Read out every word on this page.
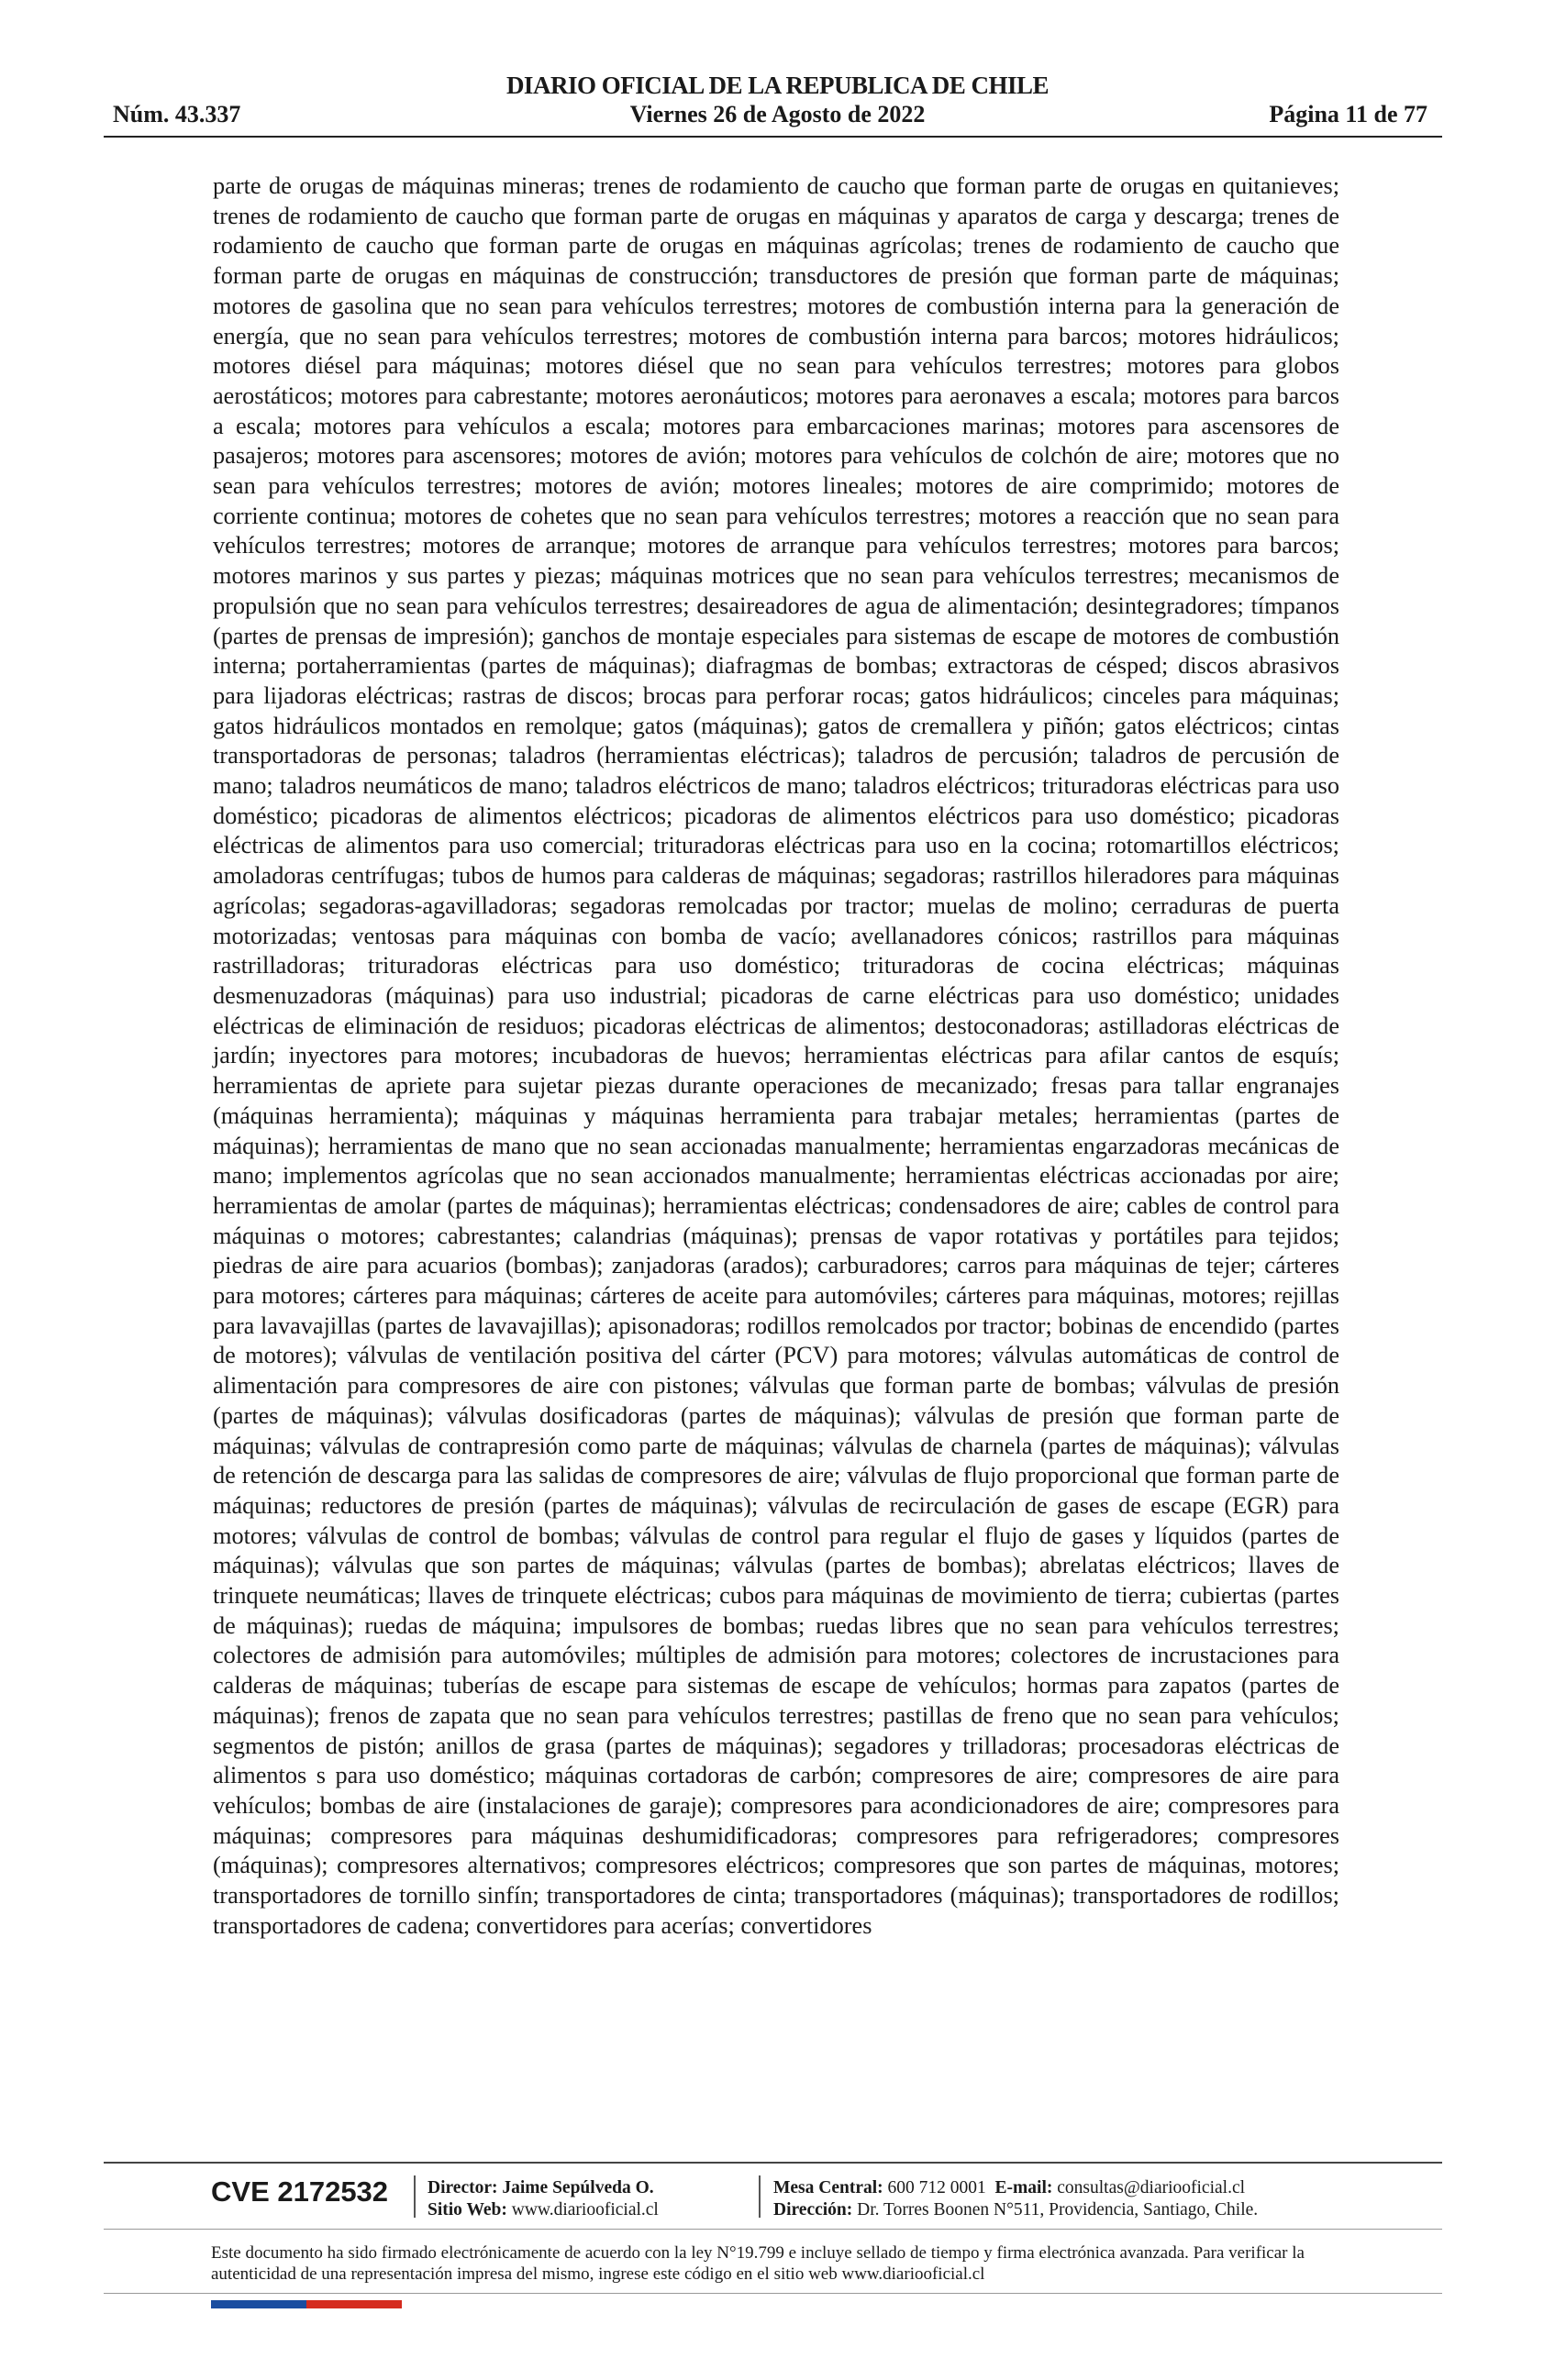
DIARIO OFICIAL DE LA REPUBLICA DE CHILE
Núm. 43.337	Viernes 26 de Agosto de 2022	Página 11 de 77
parte de orugas de máquinas mineras; trenes de rodamiento de caucho que forman parte de orugas en quitanieves; trenes de rodamiento de caucho que forman parte de orugas en máquinas y aparatos de carga y descarga; trenes de rodamiento de caucho que forman parte de orugas en máquinas agrícolas; trenes de rodamiento de caucho que forman parte de orugas en máquinas de construcción; transductores de presión que forman parte de máquinas; motores de gasolina que no sean para vehículos terrestres; motores de combustión interna para la generación de energía, que no sean para vehículos terrestres; motores de combustión interna para barcos; motores hidráulicos; motores diésel para máquinas; motores diésel que no sean para vehículos terrestres; motores para globos aerostáticos; motores para cabrestante; motores aeronáuticos; motores para aeronaves a escala; motores para barcos a escala; motores para vehículos a escala; motores para embarcaciones marinas; motores para ascensores de pasajeros; motores para ascensores; motores de avión; motores para vehículos de colchón de aire; motores que no sean para vehículos terrestres; motores de avión; motores lineales; motores de aire comprimido; motores de corriente continua; motores de cohetes que no sean para vehículos terrestres; motores a reacción que no sean para vehículos terrestres; motores de arranque; motores de arranque para vehículos terrestres; motores para barcos; motores marinos y sus partes y piezas; máquinas motrices que no sean para vehículos terrestres; mecanismos de propulsión que no sean para vehículos terrestres; desaireadores de agua de alimentación; desintegradores; tímpanos (partes de prensas de impresión); ganchos de montaje especiales para sistemas de escape de motores de combustión interna; portaherramientas (partes de máquinas); diafragmas de bombas; extractoras de césped; discos abrasivos para lijadoras eléctricas; rastras de discos; brocas para perforar rocas; gatos hidráulicos; cinceles para máquinas; gatos hidráulicos montados en remolque; gatos (máquinas); gatos de cremallera y piñón; gatos eléctricos; cintas transportadoras de personas; taladros (herramientas eléctricas); taladros de percusión; taladros de percusión de mano; taladros neumáticos de mano; taladros eléctricos de mano; taladros eléctricos; trituradoras eléctricas para uso doméstico; picadoras de alimentos eléctricos; picadoras de alimentos eléctricos para uso doméstico; picadoras eléctricas de alimentos para uso comercial; trituradoras eléctricas para uso en la cocina; rotomartillos eléctricos; amoladoras centrífugas; tubos de humos para calderas de máquinas; segadoras; rastrillos hileradores para máquinas agrícolas; segadoras-agavilladoras; segadoras remolcadas por tractor; muelas de molino; cerraduras de puerta motorizadas; ventosas para máquinas con bomba de vacío; avellanadores cónicos; rastrillos para máquinas rastrilladoras; trituradoras eléctricas para uso doméstico; trituradoras de cocina eléctricas; máquinas desmenuzadoras (máquinas) para uso industrial; picadoras de carne eléctricas para uso doméstico; unidades eléctricas de eliminación de residuos; picadoras eléctricas de alimentos; destoconadoras; astilladoras eléctricas de jardín; inyectores para motores; incubadoras de huevos; herramientas eléctricas para afilar cantos de esquís; herramientas de apriete para sujetar piezas durante operaciones de mecanizado; fresas para tallar engranajes (máquinas herramienta); máquinas y máquinas herramienta para trabajar metales; herramientas (partes de máquinas); herramientas de mano que no sean accionadas manualmente; herramientas engarzadoras mecánicas de mano; implementos agrícolas que no sean accionados manualmente; herramientas eléctricas accionadas por aire; herramientas de amolar (partes de máquinas); herramientas eléctricas; condensadores de aire; cables de control para máquinas o motores; cabrestantes; calandrias (máquinas); prensas de vapor rotativas y portátiles para tejidos; piedras de aire para acuarios (bombas); zanjadoras (arados); carburadores; carros para máquinas de tejer; cárteres para motores; cárteres para máquinas; cárteres de aceite para automóviles; cárteres para máquinas, motores; rejillas para lavavajillas (partes de lavavajillas); apisonadoras; rodillos remolcados por tractor; bobinas de encendido (partes de motores); válvulas de ventilación positiva del cárter (PCV) para motores; válvulas automáticas de control de alimentación para compresores de aire con pistones; válvulas que forman parte de bombas; válvulas de presión (partes de máquinas); válvulas dosificadoras (partes de máquinas); válvulas de presión que forman parte de máquinas; válvulas de contrapresión como parte de máquinas; válvulas de charnela (partes de máquinas); válvulas de retención de descarga para las salidas de compresores de aire; válvulas de flujo proporcional que forman parte de máquinas; reductores de presión (partes de máquinas); válvulas de recirculación de gases de escape (EGR) para motores; válvulas de control de bombas; válvulas de control para regular el flujo de gases y líquidos (partes de máquinas); válvulas que son partes de máquinas; válvulas (partes de bombas); abrelatas eléctricos; llaves de trinquete neumáticas; llaves de trinquete eléctricas; cubos para máquinas de movimiento de tierra; cubiertas (partes de máquinas); ruedas de máquina; impulsores de bombas; ruedas libres que no sean para vehículos terrestres; colectores de admisión para automóviles; múltiples de admisión para motores; colectores de incrustaciones para calderas de máquinas; tuberías de escape para sistemas de escape de vehículos; hormas para zapatos (partes de máquinas); frenos de zapata que no sean para vehículos terrestres; pastillas de freno que no sean para vehículos; segmentos de pistón; anillos de grasa (partes de máquinas); segadores y trilladoras; procesadoras eléctricas de alimentos s para uso doméstico; máquinas cortadoras de carbón; compresores de aire; compresores de aire para vehículos; bombas de aire (instalaciones de garaje); compresores para acondicionadores de aire; compresores para máquinas; compresores para máquinas deshumidificadoras; compresores para refrigeradores; compresores (máquinas); compresores alternativos; compresores eléctricos; compresores que son partes de máquinas, motores; transportadores de tornillo sinfín; transportadores de cinta; transportadores (máquinas); transportadores de rodillos; transportadores de cadena; convertidores para acerías; convertidores
CVE 2172532 Director: Jaime Sepúlveda O.
Sitio Web: www.diariooficial.cl
Mesa Central: 600 712 0001 E-mail: consultas@diariooficial.cl
Dirección: Dr. Torres Boonen N°511, Providencia, Santiago, Chile.
Este documento ha sido firmado electrónicamente de acuerdo con la ley N°19.799 e incluye sellado de tiempo y firma electrónica avanzada. Para verificar la autenticidad de una representación impresa del mismo, ingrese este código en el sitio web www.diariooficial.cl
